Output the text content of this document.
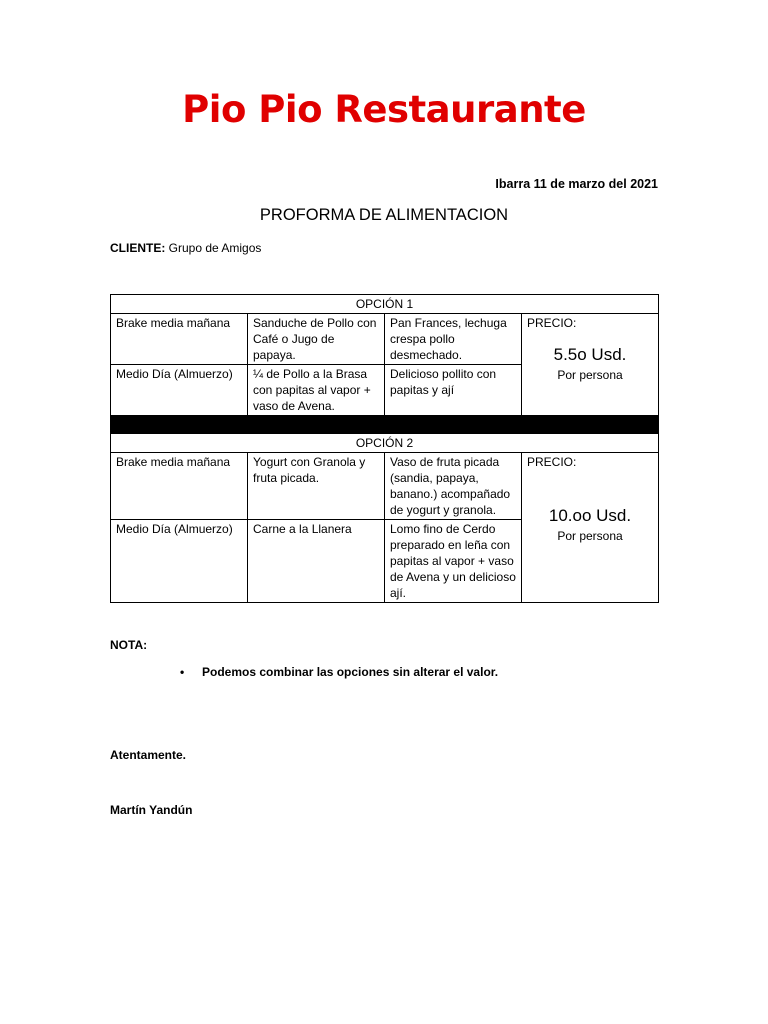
Pio Pio Restaurante
Ibarra 11 de marzo del 2021
PROFORMA DE ALIMENTACION
CLIENTE: Grupo de Amigos
OPCIÓN 1			
Brake media mañana	Sanduche de Pollo con Café o Jugo de papaya.	Pan Frances, lechuga crespa pollo desmechado.	PRECIO:
5.5o Usd.
Por persona

Medio Día (Almuerzo)	¼ de Pollo a la Brasa con papitas al vapor + vaso de Avena.	Delicioso pollito con papitas y ají	

OPCIÓN 2			
Brake media mañana	Yogurt con Granola y fruta picada.	Vaso de fruta picada (sandia, papaya, banano.) acompañado de yogurt y granola.	PRECIO:
10.oo Usd.
Por persona

Medio Día (Almuerzo)	Carne a la Llanera	Lomo fino de Cerdo preparado en leña con papitas al vapor + vaso de Avena y un delicioso ají.	
NOTA:
• Podemos combinar las opciones sin alterar el valor.
Atentamente.
Martín Yandún
